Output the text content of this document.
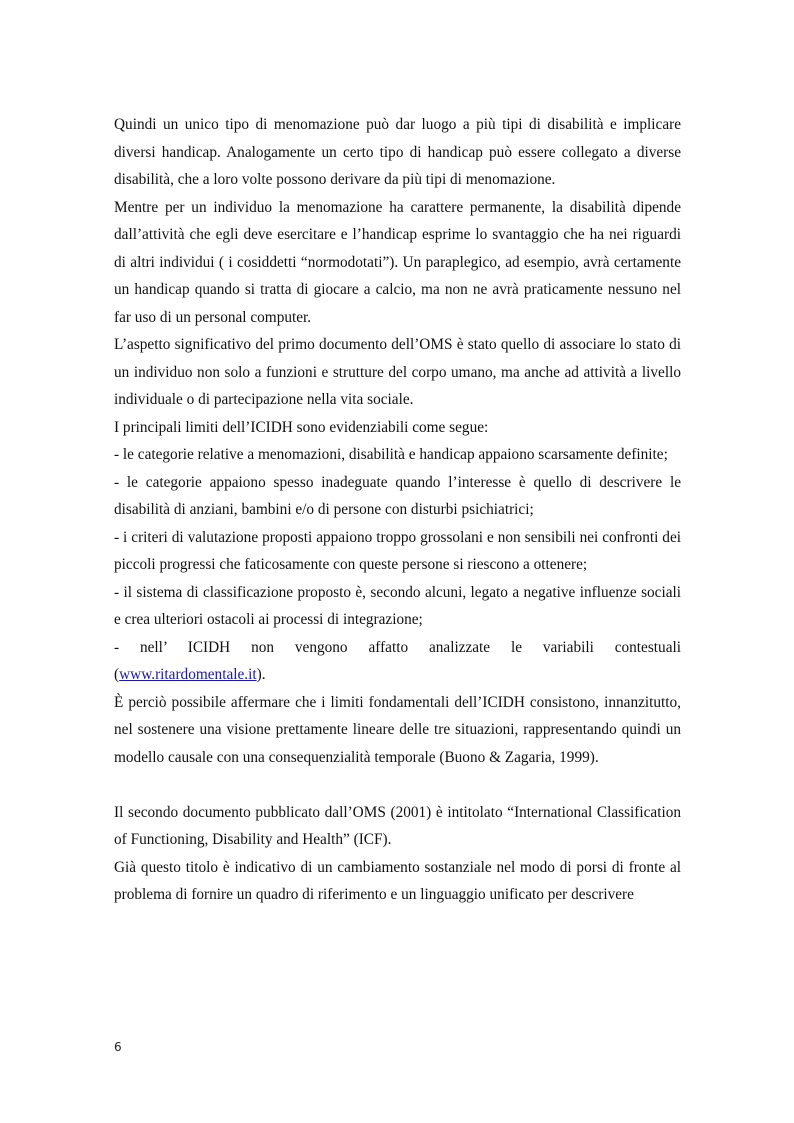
Quindi un unico tipo di menomazione può dar luogo a più tipi di disabilità e implicare diversi handicap. Analogamente un certo tipo di handicap può essere collegato a diverse disabilità, che a loro volte possono derivare da più tipi di menomazione.

Mentre per un individuo la menomazione ha carattere permanente, la disabilità dipende dall’attività che egli deve esercitare e l’handicap esprime lo svantaggio che ha nei riguardi di altri individui ( i cosiddetti “normodotati”). Un paraplegico, ad esempio, avrà certamente un handicap quando si tratta di giocare a calcio, ma non ne avrà praticamente nessuno nel far uso di un personal computer.

L’aspetto significativo del primo documento dell’OMS è stato quello di associare lo stato di un individuo non solo a funzioni e strutture del corpo umano, ma anche ad attività a livello individuale o di partecipazione nella vita sociale.

I principali limiti dell’ICIDH sono evidenziabili come segue:

- le categorie relative a menomazioni, disabilità e handicap appaiono scarsamente definite;

- le categorie appaiono spesso inadeguate quando l’interesse è quello di descrivere le disabilità di anziani, bambini e/o di persone con disturbi psichiatrici;

- i criteri di valutazione proposti appaiono troppo grossolani e non sensibili nei confronti dei piccoli progressi che faticosamente con queste persone si riescono a ottenere;

- il sistema di classificazione proposto è, secondo alcuni, legato a negative influenze sociali e crea ulteriori ostacoli ai processi di integrazione;

- nell’ ICIDH non vengono affatto analizzate le variabili contestuali

(www.ritardomentale.it).

È perciò possibile affermare che i limiti fondamentali dell’ICIDH consistono, innanzitutto, nel sostenere una visione prettamente lineare delle tre situazioni, rappresentando quindi un modello causale con una consequenzialità temporale (Buono & Zagaria, 1999).

Il secondo documento pubblicato dall’OMS (2001) è intitolato “International Classification of Functioning, Disability and Health” (ICF).

Già questo titolo è indicativo di un cambiamento sostanziale nel modo di porsi di fronte al problema di fornire un quadro di riferimento e un linguaggio unificato per descrivere

6
